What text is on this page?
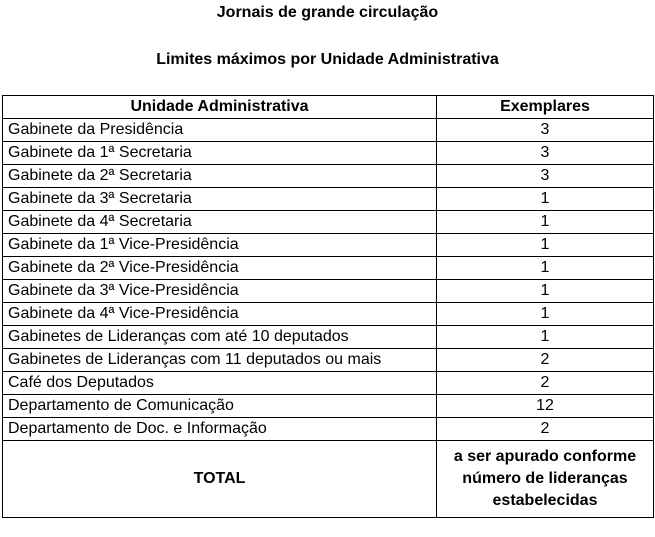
Jornais de grande circulação
Limites máximos por Unidade Administrativa
Unidade Administrativa	Exemplares
Gabinete da Presidência	3
Gabinete da 1ª Secretaria	3
Gabinete da 2ª Secretaria	3
Gabinete da 3ª Secretaria	1
Gabinete da 4ª Secretaria	1
Gabinete da 1ª Vice-Presidência	1
Gabinete da 2ª Vice-Presidência	1
Gabinete da 3ª Vice-Presidência	1
Gabinete da 4ª Vice-Presidência	1
Gabinetes de Lideranças com até 10 deputados	1
Gabinetes de Lideranças com 11 deputados ou mais	2
Café dos Deputados	2
Departamento de Comunicação	12
Departamento de Doc. e Informação	2
TOTAL	a ser apurado conforme número de lideranças estabelecidas
